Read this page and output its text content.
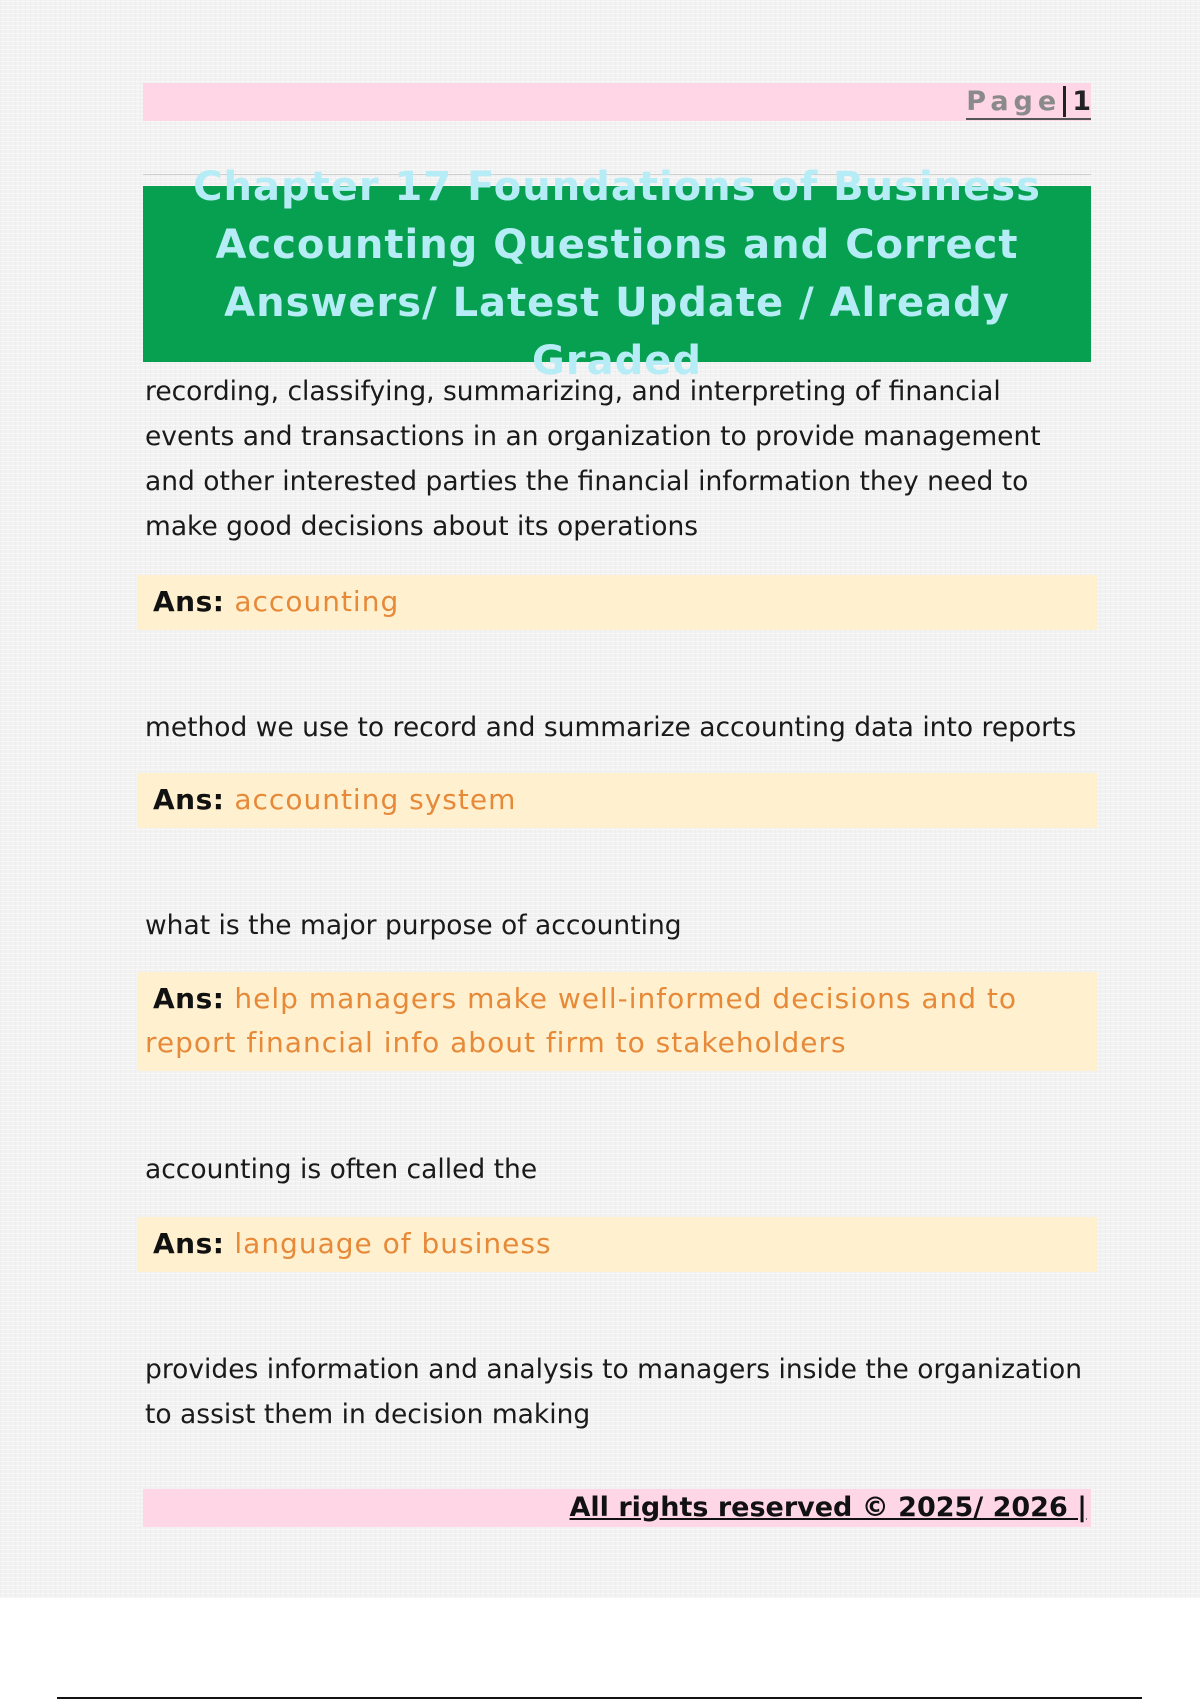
Page 1
Chapter 17 Foundations of Business Accounting Questions and Correct Answers/ Latest Update / Already Graded

recording, classifying, summarizing, and interpreting of financial events and transactions in an organization to provide management and other interested parties the financial information they need to make good decisions about its operations

Ans: accounting

method we use to record and summarize accounting data into reports

Ans: accounting system

what is the major purpose of accounting

Ans: help managers make well-informed decisions and to report financial info about firm to stakeholders

accounting is often called the

Ans: language of business

provides information and analysis to managers inside the organization to assist them in decision making

All rights reserved © 2025/ 2026 |
